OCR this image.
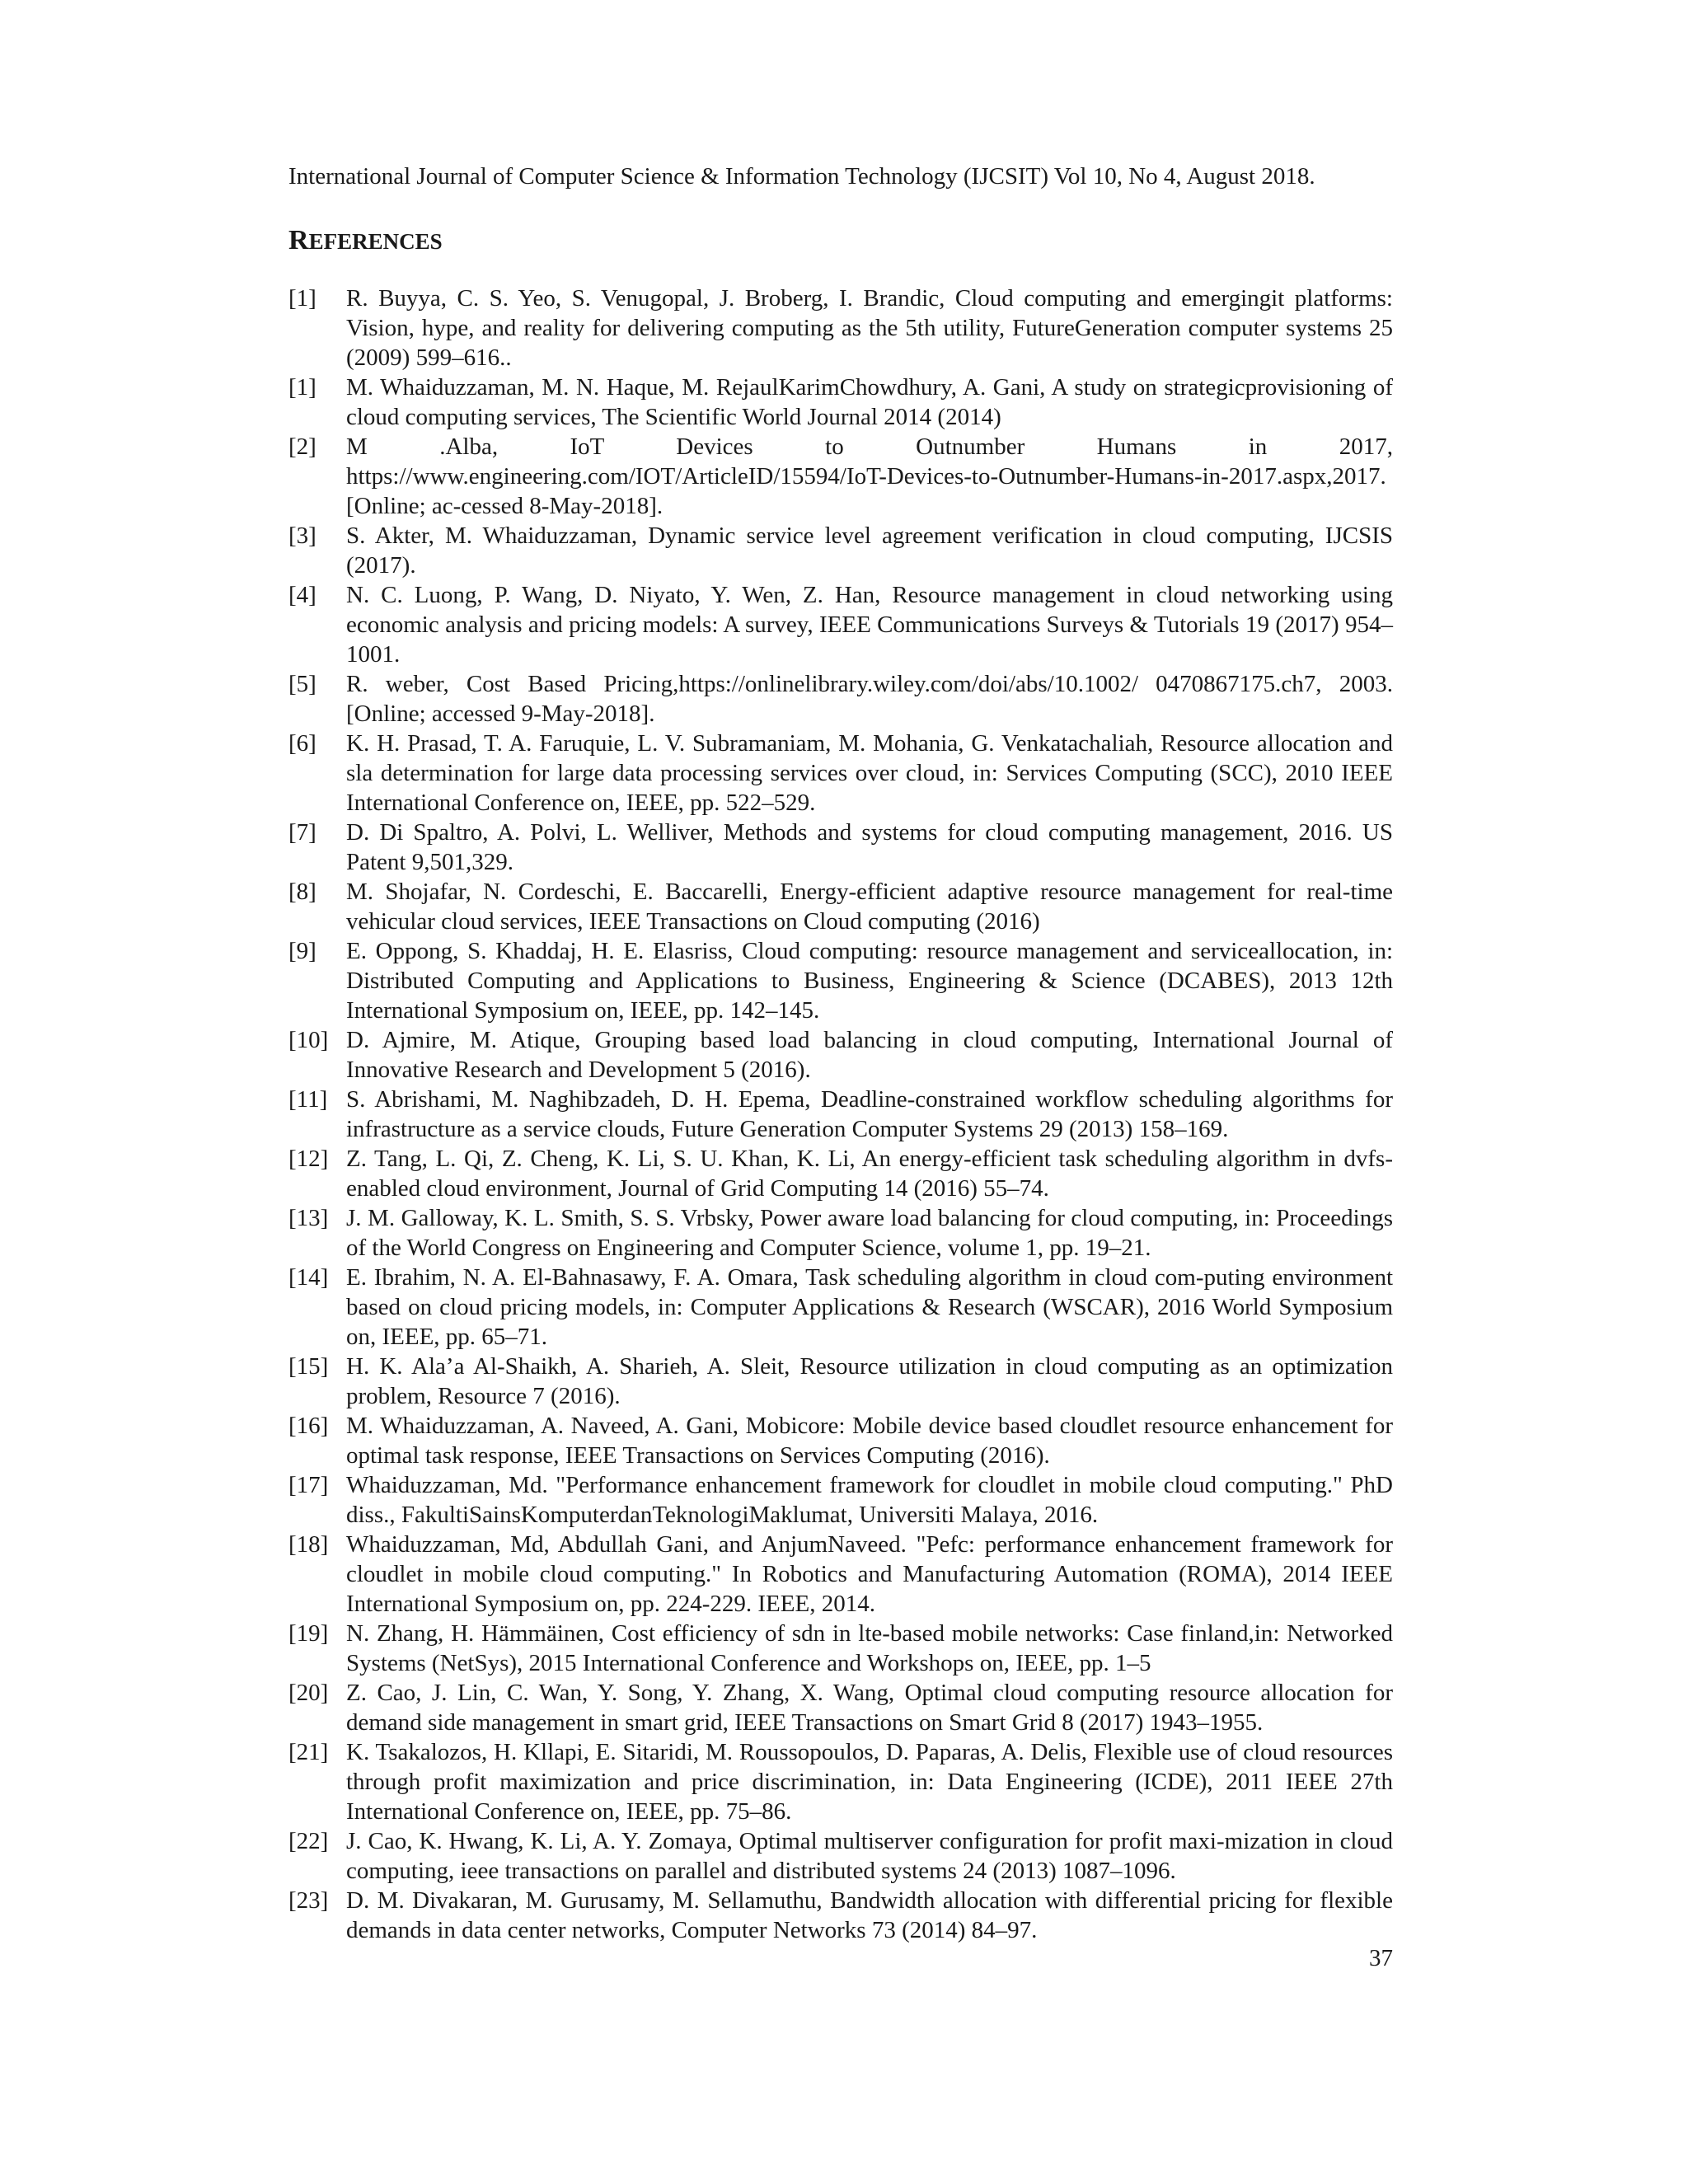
International Journal of Computer Science & Information Technology (IJCSIT) Vol 10, No 4, August 2018.
REFERENCES
[1] R. Buyya, C. S. Yeo, S. Venugopal, J. Broberg, I. Brandic, Cloud computing and emergingit platforms: Vision, hype, and reality for delivering computing as the 5th utility, FutureGeneration computer systems 25 (2009) 599–616..
[1] M. Whaiduzzaman, M. N. Haque, M. RejaulKarimChowdhury, A. Gani, A study on strategicprovisioning of cloud computing services, The Scientific World Journal 2014 (2014)
[2] M .Alba, IoT Devices to Outnumber Humans in 2017, https://www.engineering.com/IOT/ArticleID/15594/IoT-Devices-to-Outnumber-Humans-in-2017.aspx,2017. [Online; ac-cessed 8-May-2018].
[3] S. Akter, M. Whaiduzzaman, Dynamic service level agreement verification in cloud computing, IJCSIS (2017).
[4] N. C. Luong, P. Wang, D. Niyato, Y. Wen, Z. Han, Resource management in cloud networking using economic analysis and pricing models: A survey, IEEE Communications Surveys & Tutorials 19 (2017) 954–1001.
[5] R. weber, Cost Based Pricing,https://onlinelibrary.wiley.com/doi/abs/10.1002/ 0470867175.ch7, 2003. [Online; accessed 9-May-2018].
[6] K. H. Prasad, T. A. Faruquie, L. V. Subramaniam, M. Mohania, G. Venkatachaliah, Resource allocation and sla determination for large data processing services over cloud, in: Services Computing (SCC), 2010 IEEE International Conference on, IEEE, pp. 522–529.
[7] D. Di Spaltro, A. Polvi, L. Welliver, Methods and systems for cloud computing management, 2016. US Patent 9,501,329.
[8] M. Shojafar, N. Cordeschi, E. Baccarelli, Energy-efficient adaptive resource management for real-time vehicular cloud services, IEEE Transactions on Cloud computing (2016)
[9] E. Oppong, S. Khaddaj, H. E. Elasriss, Cloud computing: resource management and serviceallocation, in: Distributed Computing and Applications to Business, Engineering & Science (DCABES), 2013 12th International Symposium on, IEEE, pp. 142–145.
[10] D. Ajmire, M. Atique, Grouping based load balancing in cloud computing, International Journal of Innovative Research and Development 5 (2016).
[11] S. Abrishami, M. Naghibzadeh, D. H. Epema, Deadline-constrained workflow scheduling algorithms for infrastructure as a service clouds, Future Generation Computer Systems 29 (2013) 158–169.
[12] Z. Tang, L. Qi, Z. Cheng, K. Li, S. U. Khan, K. Li, An energy-efficient task scheduling algorithm in dvfs-enabled cloud environment, Journal of Grid Computing 14 (2016) 55–74.
[13] J. M. Galloway, K. L. Smith, S. S. Vrbsky, Power aware load balancing for cloud computing, in: Proceedings of the World Congress on Engineering and Computer Science, volume 1, pp. 19–21.
[14] E. Ibrahim, N. A. El-Bahnasawy, F. A. Omara, Task scheduling algorithm in cloud com-puting environment based on cloud pricing models, in: Computer Applications & Research (WSCAR), 2016 World Symposium on, IEEE, pp. 65–71.
[15] H. K. Ala’a Al-Shaikh, A. Sharieh, A. Sleit, Resource utilization in cloud computing as an optimization problem, Resource 7 (2016).
[16] M. Whaiduzzaman, A. Naveed, A. Gani, Mobicore: Mobile device based cloudlet resource enhancement for optimal task response, IEEE Transactions on Services Computing (2016).
[17] Whaiduzzaman, Md. "Performance enhancement framework for cloudlet in mobile cloud computing." PhD diss., FakultiSainsKomputerdanTeknologiMaklumat, Universiti Malaya, 2016.
[18] Whaiduzzaman, Md, Abdullah Gani, and AnjumNaveed. "Pefc: performance enhancement framework for cloudlet in mobile cloud computing." In Robotics and Manufacturing Automation (ROMA), 2014 IEEE International Symposium on, pp. 224-229. IEEE, 2014.
[19] N. Zhang, H. Hämmäinen, Cost efficiency of sdn in lte-based mobile networks: Case finland,in: Networked Systems (NetSys), 2015 International Conference and Workshops on, IEEE, pp. 1–5
[20] Z. Cao, J. Lin, C. Wan, Y. Song, Y. Zhang, X. Wang, Optimal cloud computing resource allocation for demand side management in smart grid, IEEE Transactions on Smart Grid 8 (2017) 1943–1955.
[21] K. Tsakalozos, H. Kllapi, E. Sitaridi, M. Roussopoulos, D. Paparas, A. Delis, Flexible use of cloud resources through profit maximization and price discrimination, in: Data Engineering (ICDE), 2011 IEEE 27th International Conference on, IEEE, pp. 75–86.
[22] J. Cao, K. Hwang, K. Li, A. Y. Zomaya, Optimal multiserver configuration for profit maxi-mization in cloud computing, ieee transactions on parallel and distributed systems 24 (2013) 1087–1096.
[23] D. M. Divakaran, M. Gurusamy, M. Sellamuthu, Bandwidth allocation with differential pricing for flexible demands in data center networks, Computer Networks 73 (2014) 84–97.
37
